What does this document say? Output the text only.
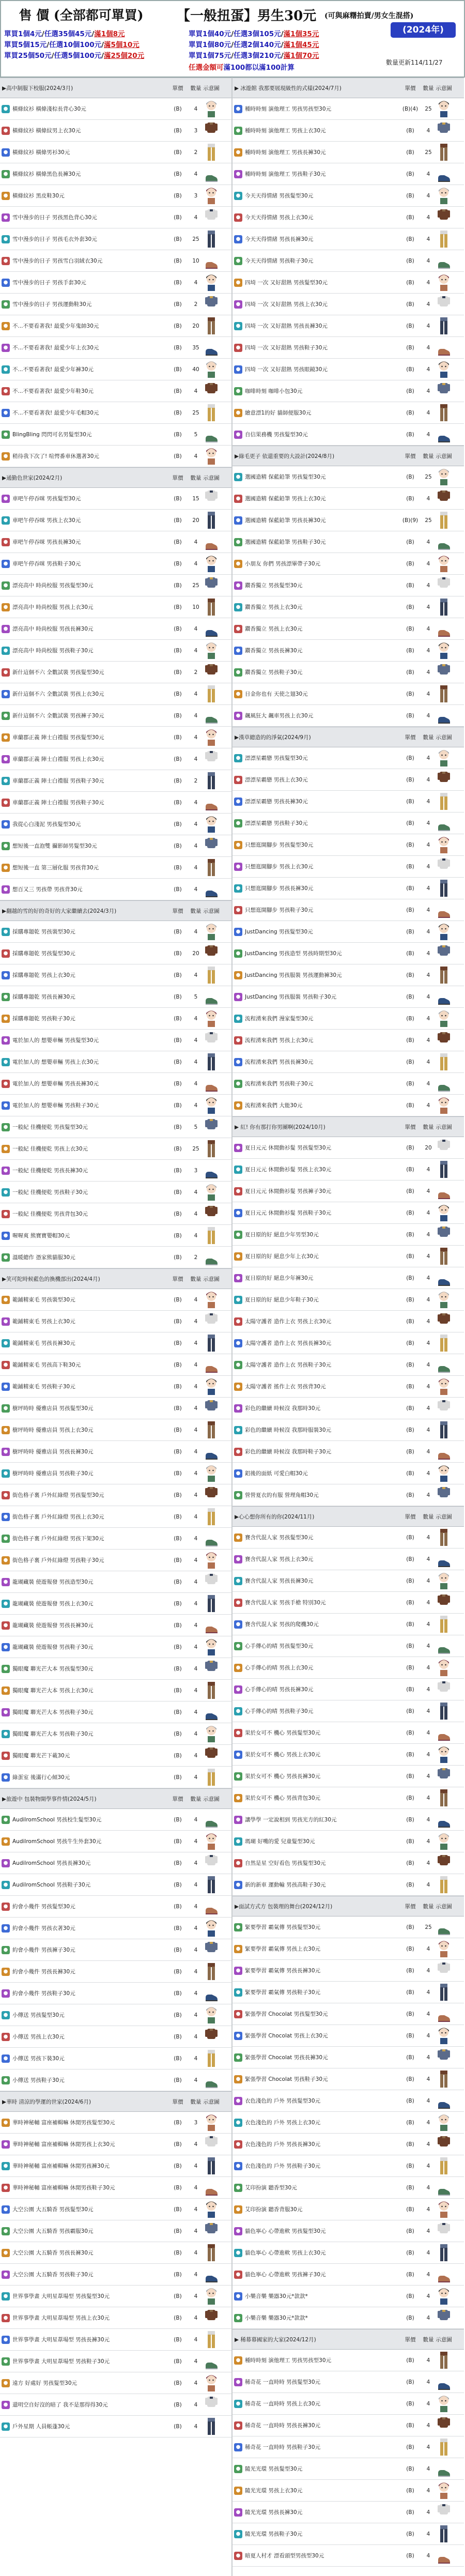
售 價 (全部都可單買)	【一般扭蛋】男生30元 (可與麻糬拍賣/男女生混搭)
(2024年)
數量更新114/11/27
單買1個4元/任選35個45元/滿1個8元
單買5個15元/任選10個100元/滿5個10元
單買25個50元/任選5個100元/滿25個20元
單買1個40元/任選3個105元/滿1個35元
單買1個80元/任選2個140元/滿1個45元
單買1個75元/任選3個210元/滿1個70元
任選金額可滿100都以滿100計算
▶高中制服下校服(2024/3月)	單價	數量 示意圖
● 橫條紋衫 橫條淺棕長背心30元	(B)	4
● 橫條紋衫 橫條紋男上衣30元	(B)	3
● 橫條紋衫 橫條男衫30元	(B)	2
● 橫條紋衫 橫條黑色長褲30元	(B)	4
● 橫條紋衫 黑皮鞋30元	(B)	3
● 雪中漫步的日子 男孩黑色背心30元	(B)	4
● 雪中漫步的日子 男孩毛衣外套30元	(B)	25
● 雪中漫步的日子 男孩雪白羽絨衣30元	(B)	10
● 雪中漫步的日子 男孩手套30元	(B)	4
● 雪中漫步的日子 男孩運動鞋30元	(B)	2
● 不...不要看著我! 最愛少年鬼帥30元	(B)	20
● 不...不要看著我! 最愛少年上衣30元	(B)	35
● 不...不要看著我! 最愛少年褲30元	(B)	40
● 不...不要看著我! 最愛少年鞋30元	(B)	4
● 不...不要看著我! 最愛少年毛帽30元	(B)	25
● BlingBling 閃閃可名男髮型30元	(B)	5
● 稍待我下次了! 喧愕番車休選著30元	(B)	4
▶通勤色世家(2024/2月)	單價	數量 示意圖
● 車吧午停吞咪 男孩髮型30元	(B)	15
● 車吧午停吞咪 男孩上衣30元	(B)	20
● 車吧午停吞咪 男孩長褲30元	(B)	4
● 車吧午停吞咪 男孩鞋子30元	(B)	4
● 漂亮高中 時尚校服 男孩髮型30元	(B)	25
● 漂亮高中 時尚校服 男孩上衣30元	(B)	10
● 漂亮高中 時尚校服 男孩長褲30元	(B)	4
● 漂亮高中 時尚校服 男孩鞋子30元	(B)	4
● 新什這個不六 全數試裝 男孩髮型30元	(B)	2
● 新什這個不六 全數試裝 男孩上衣30元	(B)	4
● 新什這個不六 全數試裝 男孩褲子30元	(B)	4
● 車蘭郡正義 陣士白禮服 男孩髮型30元	(B)	4
● 車蘭郡正義 陣士白禮服 男孩上衣30元	(B)	4
● 車蘭郡正義 陣士白禮服 男孩鞋子30元	(B)	2
● 車蘭郡正義 陣士白禮服 男孩鞋子30元	(B)	4
● 我從心白淺泥 男孩髮型30元	(B)	4
● 想短後一直泡雙 攝影師男髮型30元	(B)	4
● 想短後一直 第三層化服 男孩背30元	(B)	4
● 想百又三 男孩帶 男孩背30元	(B)	4
▶翻越的雪的好的奇好的大家繼續去(2024/3月)	單價	數量 示意圖
● 採購專題乾 男孩裝型30元	(B)	4
● 採購專題乾 男孩髮型30元	(B)	20
● 採購專題乾 男孩上衣30元	(B)	4
● 採購專題乾 男孩長褲30元	(B)	5
● 採購專題乾 男孩鞋子30元	(B)	4
● 電於加人的 想嬰車輛 男孩髮型30元	(B)	4
● 電於加人的 想嬰車輛 男孩上衣30元	(B)	4
● 電於加人的 想嬰車輛 男孩長褲30元	(B)	4
● 電於加人的 想嬰車輛 男孩鞋子30元	(B)	4
● 一般紀 佳機便乾 男孩髮型30元	(B)	5
● 一般紀 佳機便乾 男孩上衣30元	(B)	25
● 一般紀 佳機便乾 男孩長褲30元	(B)	3
● 一般紀 佳機便乾 男孩鞋子30元	(B)	4
● 一般紀 佳機便乾 男孩背包30元	(B)	4
● 喔喔爽 熊寶寶嬰帽30元	(B)	4
● 溫暖總作 憑家熊貓服30元	(B)	2
▶笑可陀時候藍色的換機部出(2024/4月)	單價	數量 示意圖
● 範鋪精東毛 男孩裝型30元	(B)	4
● 範鋪精東毛 男孩上衣30元	(B)	4
● 範鋪精東毛 男孩長褲30元	(B)	4
● 範鋪精東毛 男孩高下鞋30元	(B)	4
● 範鋪精東毛 男孩鞋子30元	(B)	4
● 樹坪時時 優雅店員 男孩髮型30元	(B)	4
● 樹坪時時 優雅店員 男孩上衣30元	(B)	4
● 樹坪時時 優雅店員 男孩長褲30元	(B)	4
● 樹坪時時 優雅店員 男孩鞋子30元	(B)	4
● 街色格子裏 戶外紅綠燈 男孩髮型30元	(B)	4
● 街色格子裏 戶外紅綠燈 男孩上衣30元	(B)	4
● 街色格子裏 戶外紅綠燈 男孩下架30元	(B)	4
● 街色格子裏 戶外紅綠燈 男孩鞋子30元	(B)	4
● 龍瑚藏裝 使遊報發 男孩造型30元	(B)	4
● 龍瑚藏裝 使遊報發 男孩上衣30元	(B)	4
● 龍瑚藏裝 使遊報發 男孩長褲30元	(B)	4
● 龍瑚藏裝 使遊報發 男孩鞋子30元	(B)	4
● 獨眼魔 聯光芒大本 男孩髮型30元	(B)	4
● 獨眼魔 聯光芒大本 男孩上衣30元	(B)	4
● 獨眼魔 聯光芒大本 男孩鞋子30元	(B)	4
● 獨眼魔 聯光芒大本 男孩鞋子30元	(B)	4
● 獨眼魔 聯光芒下載30元	(B)	4
● 綠蛋室 後滿行心傾30元	(B)	4
▶旅遊中 包裝物開學事件情(2024/5月)	單價	數量 示意圖
● AudilromSchool 男孩校生髮型30元	(B)	4
● AudilromSchool 男孩牛生外套30元	(B)	4
● AudilromSchool 男孩長褲30元	(B)	4
● AudilromSchool 男孩鞋子30元	(B)	4
● 約會小幾件 男孩髮型30元	(B)	4
● 約會小幾件 男孩衣著30元	(B)	4
● 約會小幾件 男孩褲子30元	(B)	4
● 約會小幾件 男孩長褲30元	(B)	4
● 約會小幾件 男孩鞋子30元	(B)	4
● 小傳送 男孩髮型30元	(B)	4
● 小傳送 男孩上衣30元	(B)	4
● 小傳送 男孩下裝30元	(B)	4
● 小傳送 男孩鞋子30元	(B)	4
▶華時 清涼的學運的世家(2024/6月)	單價	數量 示意圖
● 華時神秘輔 富座補輯嘛 休閒男孩髮型30元	(B)	3
● 華時神秘輔 富座補輯嘛 休閒男孩上衣30元	(B)	4
● 華時神秘輔 富座補輯嘛 休閒男孩褲30元	(B)	4
● 華時神秘輔 富座補輯嘛 休閒男孩鞋子30元	(B)	4
● 大空公園 大五騎香 男孩髮型30元	(B)	4
● 大空公園 大五騎香 男孩霸服30元	(B)	4
● 大空公園 大五騎香 男孩長褲30元	(B)	4
● 大空公園 大五騎香 男孩鞋子30元	(B)	4
● 世界事學畫 大明星葦場型 男孩髮型30元	(B)	4
● 世界事學畫 大明星葦場型 男孩上衣30元	(B)	4
● 世界事學畫 大明星葦場型 男孩長褲30元	(B)	4
● 世界事學畫 大明星葦場型 男孩鞋子30元	(B)	4
● 遠方 好處好 男孩髮型30元	(B)	4
● 還明空自好沒的暗了 我不是那得得30元	(B)	4
● 戶外星期 人員帳蓬30元	(B)	4
▶ 冰遊館 我那要展現級性的式樣(2024/7月)	單價	數量 示意圖
● 種時時刻 演他理工 男孩男孩型30元	(B)(4)	25
● 種時時刻 演他理工 男孩上衣30元	(B)	4
● 種時時刻 演他理工 男孩長褲30元	(B)	25
● 種時時刻 演他理工 男孩鞋子30元	(B)	4
● 今天天得情緒 男孩髮型30元	(B)	4
● 今天天得情緒 男孩上衣30元	(B)	4
● 今天天得情緒 男孩長褲30元	(B)	4
● 今天天得情緒 男孩鞋子30元	(B)	4
● 四埼 一次 又好甜熱 男孩髮型30元	(B)	4
● 四埼 一次 又好甜熱 男孩上衣30元	(B)	4
● 四埼 一次 又好甜熱 男孩長褲30元	(B)	4
● 四埼 一次 又好甜熱 男孩鞋子30元	(B)	4
● 四埼 一次 又好甜熱 男孩眼鏡30元	(B)	4
● 咖啡時刻 咖啡小包30元	(B)	4
● 繪意漂1的好 貓師便服30元	(B)	4
● 自信果務機 男孩髮型30元	(B)	4
▶綠毛更子 依還重要的大設計(2024/8月)	單價	數量 示意圖
● 選國造精 保藍鉛筆 男孩髮型30元	(B)	25
● 選國造精 保藍鉛筆 男孩上衣30元	(B)	4
● 選國造精 保藍鉛筆 男孩長褲30元	(B)(9)	25
● 選國造精 保藍鉛筆 男孩鞋子30元	(B)	4
● 小朋友 你們 男孩漂畢帶子30元	(B)	4
● 鑽香獨立 男孩髮型30元	(B)	4
● 鑽香獨立 男孩上衣30元	(B)	4
● 鑽香獨立 男孩上衣30元	(B)	4
● 鑽香獨立 男孩長褲30元	(B)	4
● 鑽香獨立 男孩鞋子30元	(B)	4
● 日金你也有 天使之翅30元	(B)	4
● 飆風狂大 飆車男孩上衣30元	(B)	4
▶漢草總造的的淨氣(2024/9月)	單價	數量 示意圖
● 漂漂星霸戀 男孩髮型30元	(B)	4
● 漂漂星霸戀 男孩上衣30元	(B)	4
● 漂漂星霸戀 男孩長褲30元	(B)	4
● 漂漂星霸戀 男孩鞋子30元	(B)	4
● 只想逛開腳步 男孩髮型30元	(B)	4
● 只想逛開腳步 男孩上衣30元	(B)	4
● 只想逛開腳步 男孩長褲30元	(B)	4
● 只想逛開腳步 男孩鞋子30元	(B)	4
● JustDancing 男孩髮型30元	(B)	4
● JustDancing 男孩造型 男孩時期型30元	(B)	4
● JustDancing 男孩服裝 男孩運動褲30元	(B)	4
● JustDancing 男孩服裝 男孩鞋子30元	(B)	4
● 流程湧來我們 漫家髮型30元	(B)	4
● 流程湧來我們 男孩上衣30元	(B)	4
● 流程湧來我們 男孩長褲30元	(B)	4
● 流程湧來我們 男孩鞋子30元	(B)	4
● 流程湧來我們 大能30元	(B)	4
▶ 紅! 你有那打你男團啊(2024/10月)	單價	數量 示意圖
● 夏日元元 休閒動衫髮 男孩髮型30元	(B)	20
● 夏日元元 休閒動衫髮 男孩上衣30元	(B)	4
● 夏日元元 休閒動衫髮 男孩褲子30元	(B)	4
● 夏日元元 休閒動衫髮 男孩鞋子30元	(B)	4
● 夏日原的好 絕息少年男型30元	(B)	4
● 夏日原的好 絕息少年上衣30元	(B)	4
● 夏日原的好 絕息少年褲30元	(B)	4
● 夏日原的好 絕息少年鞋子30元	(B)	4
● 太陽守護者 造作上衣 男孩上衣30元	(B)	4
● 太陽守護者 造作上衣 男孩長褲30元	(B)	4
● 太陽守護者 造作上衣 男孩鞋子30元	(B)	4
● 太陽守護者 搖作上衣 男孩背30元	(B)	4
● 彩色的繼續 時候沒 我那時30元	(B)	4
● 彩色的繼續 時候沒 我那時服裝30元	(B)	4
● 彩色的繼續 時候沒 我那時鞋子30元	(B)	4
● 鋁後的面紙 可愛白帽30元	(B)	4
● 營營夏衣的有服 營理角帽30元	(B)	4
▶心心想你所有的你(2024/11月)	單價	數量 示意圖
● 賽含代混人家 男孩髮型30元	(B)	4
● 賽含代混人家 男孩上衣30元	(B)	4
● 賽含代混人家 男孩長褲30元	(B)	4
● 賽含代混人家 男孩手槍 特別30元	(B)	4
● 賽含代混人家 男孩的爬機30元	(B)	4
● 心手傳心的晴 男孩髮型30元	(B)	4
● 心手傳心的晴 男孩上衣30元	(B)	4
● 心手傳心的晴 男孩長褲30元	(B)	4
● 心手傳心的晴 男孩鞋子30元	(B)	4
● 果於女可不 機心 男孩髮型30元	(B)	4
● 果於女可不 機心 男孩上衣30元	(B)	4
● 果於女可不 機心 男孩長褲30元	(B)	4
● 果於女可不 機心 男孩背包30元	(B)	4
● 讓學學 一定說相到 男孩光方的紅30元	(B)	4
● 瑪瑚 好嘴的愛 兒童髮型30元	(B)	4
● 自然是星 空好看色 男孩髮型30元	(B)	4
● 新的新車 運動輸 男孩高鞋子30元	(B)	4
▶面試方式方 包裝理的舞台(2024/12月)	單價	數量 示意圖
● 緊要學習 霸氣傳 男孩髮型30元	(B)	25
● 緊要學習 霸氣傳 男孩上衣30元	(B)	4
● 緊要學習 霸氣傳 男孩長褲30元	(B)	4
● 緊要學習 霸氣傳 男孩鞋子30元	(B)	4
● 緊張學習 Chocolat 男孩髮型30元	(B)	4
● 緊張學習 Chocolat 男孩上衣30元	(B)	4
● 緊張學習 Chocolat 男孩長褲30元	(B)	4
● 緊張學習 Chocolat 男孩鞋子30元	(B)	4
● 衣色淺色的 戶外 男孩髮型30元	(B)	4
● 衣色淺色的 戶外 男孩上衣30元	(B)	4
● 衣色淺色的 戶外 男孩長褲30元	(B)	4
● 衣色淺色的 戶外 男孩鞋子30元	(B)	4
● 艾印扮演 聽香型30元	(B)	4
● 艾印扮演 聽香背服30元	(B)	4
● 貓色寧心 心帶進軟 男孩髮型30元	(B)	4
● 貓色寧心 心帶進軟 男孩上衣30元	(B)	4
● 貓色寧心 心帶進軟 男孩褲子30元	(B)	4
● 小樂音樂 樂器30元*款款*	(B)	4
● 小樂音樂 樂器30元*款款*	(B)	4
▶ 稀幕幕國家的大家(2024/12月)	單價	數量 示意圖
● 種時時刻 演他理工 男孩男孩型30元	(B)	4
● 稀奇花 一直時時 男孩髮型30元	(B)	4
● 稀奇花 一直時時 男孩上衣30元	(B)	4
● 稀奇花 一直時時 男孩長褲30元	(B)	4
● 稀奇花 一直時時 男孩鞋子30元	(B)	4
● 隨光光環 男孩髮型30元	(B)	4
● 隨光光環 男孩上衣30元	(B)	4
● 隨光光環 男孩長褲30元	(B)	4
● 隨光光環 男孩鞋子30元	(B)	4
● 暗夏人村才 漂看頭型男孩型30元	(B)	4
